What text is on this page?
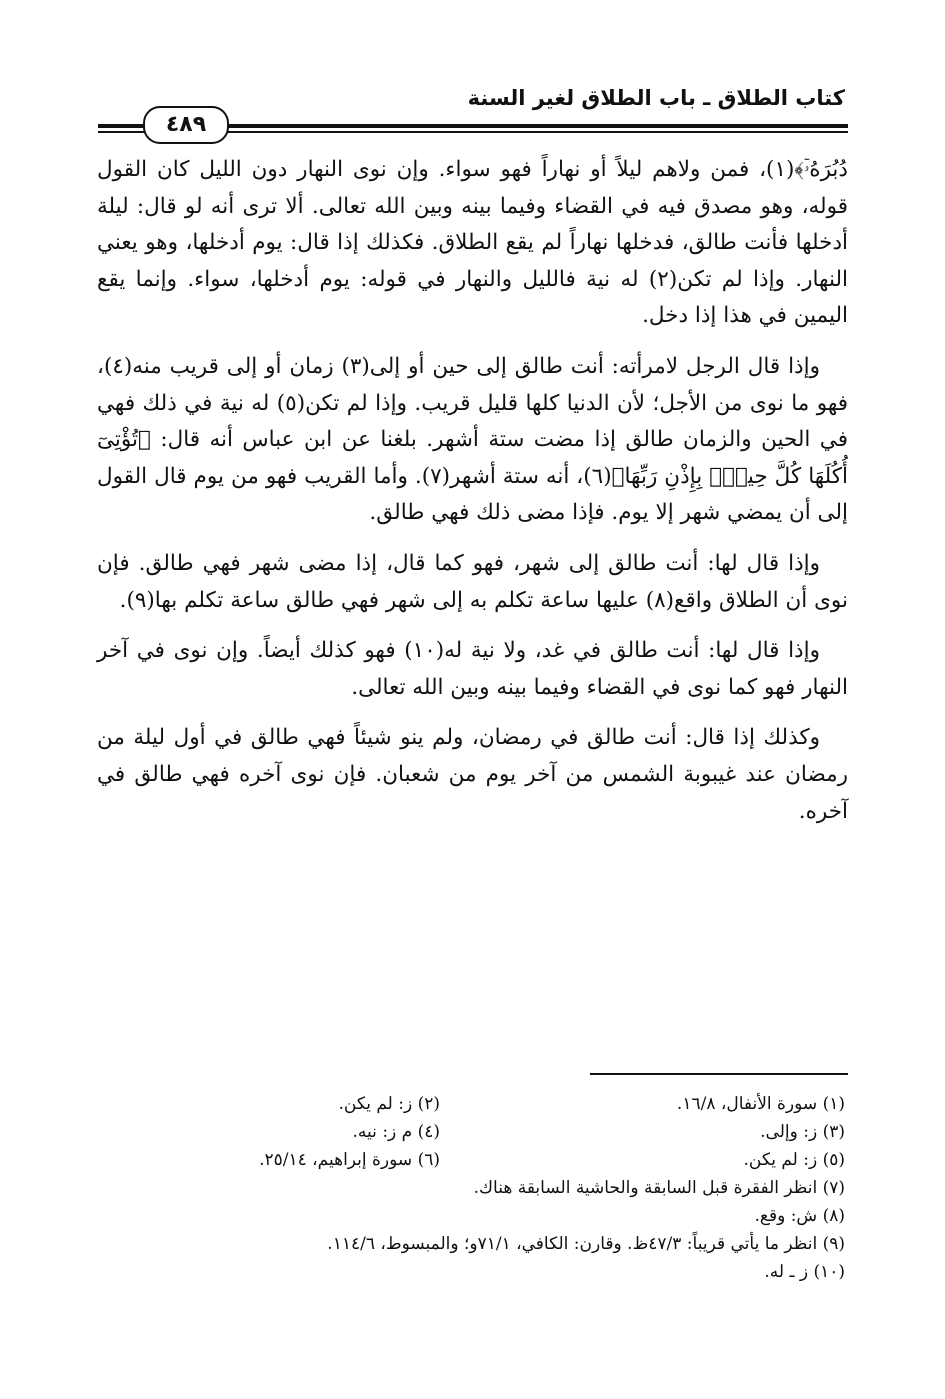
كتاب الطلاق ـ باب الطلاق لغير السنة
٤٨٩

دُبُرَهُۥٓ﴾(١)، فمن ولاهم ليلاً أو نهاراً فهو سواء. وإن نوى النهار دون الليل كان القول قوله، وهو مصدق فيه في القضاء وفيما بينه وبين الله تعالى. ألا ترى أنه لو قال: ليلة أدخلها فأنت طالق، فدخلها نهاراً لم يقع الطلاق. فكذلك إذا قال: يوم أدخلها، وهو يعني النهار. وإذا لم تكن(٢) له نية فالليل والنهار في قوله: يوم أدخلها، سواء. وإنما يقع اليمين في هذا إذا دخل.

وإذا قال الرجل لامرأته: أنت طالق إلى حين أو إلى(٣) زمان أو إلى قريب منه(٤)، فهو ما نوى من الأجل؛ لأن الدنيا كلها قليل قريب. وإذا لم تكن(٥) له نية في ذلك فهي في الحين والزمان طالق إذا مضت ستة أشهر. بلغنا عن ابن عباس أنه قال: ﴿تُؤْتِىٓ أُكُلَهَا كُلَّ حِينٍۭ بِإِذْنِ رَبِّهَا﴾(٦)، أنه ستة أشهر(٧). وأما القريب فهو من يوم قال القول إلى أن يمضي شهر إلا يوم. فإذا مضى ذلك فهي طالق.

وإذا قال لها: أنت طالق إلى شهر، فهو كما قال، إذا مضى شهر فهي طالق. فإن نوى أن الطلاق واقع(٨) عليها ساعة تكلم به إلى شهر فهي طالق ساعة تكلم بها(٩).

وإذا قال لها: أنت طالق في غد، ولا نية له(١٠) فهو كذلك أيضاً. وإن نوى في آخر النهار فهو كما نوى في القضاء وفيما بينه وبين الله تعالى.

وكذلك إذا قال: أنت طالق في رمضان، ولم ينو شيئاً فهي طالق في أول ليلة من رمضان عند غيبوبة الشمس من آخر يوم من شعبان. فإن نوى آخره فهي طالق في آخره.

(١) سورة الأنفال، ١٦/٨.
(٢) ز: لم يكن.
(٣) ز: وإلى.
(٤) م ز: نيه.
(٥) ز: لم يكن.
(٦) سورة إبراهيم، ٢٥/١٤.
(٧) انظر الفقرة قبل السابقة والحاشية السابقة هناك.
(٨) ش: وقع.
(٩) انظر ما يأتي قريباً: ٤٧/٣ظ. وقارن: الكافي، ٧١/١و؛ والمبسوط، ١١٤/٦.
(١٠) ز ـ له.
